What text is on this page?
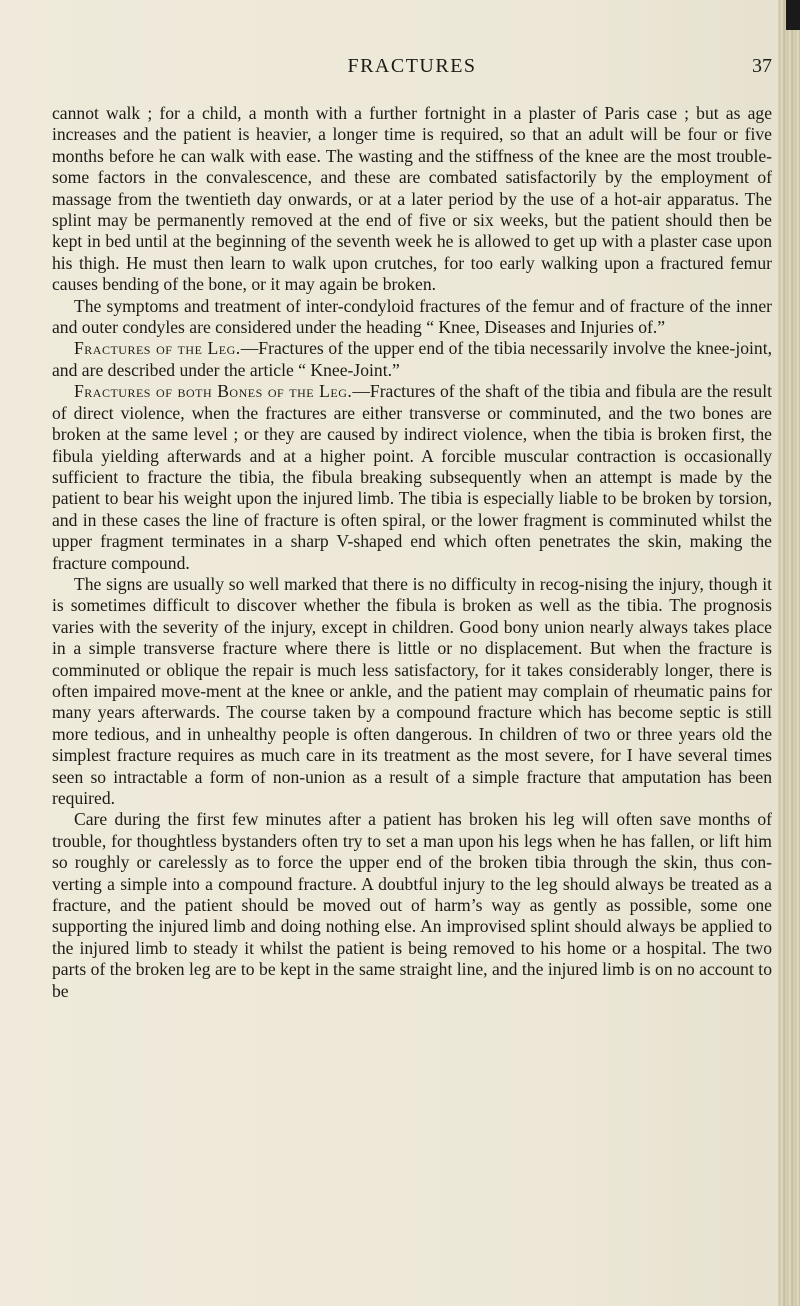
FRACTURES	37

cannot walk ; for a child, a month with a further fortnight in a plaster of Paris case ; but as age increases and the patient is heavier, a longer time is required, so that an adult will be four or five months before he can walk with ease. The wasting and the stiffness of the knee are the most trouble-some factors in the convalescence, and these are combated satisfactorily by the employment of massage from the twentieth day onwards, or at a later period by the use of a hot-air apparatus. The splint may be permanently removed at the end of five or six weeks, but the patient should then be kept in bed until at the beginning of the seventh week he is allowed to get up with a plaster case upon his thigh. He must then learn to walk upon crutches, for too early walking upon a fractured femur causes bending of the bone, or it may again be broken.

The symptoms and treatment of inter-condyloid fractures of the femur and of fracture of the inner and outer condyles are considered under the heading “ Knee, Diseases and Injuries of.”

Fractures of the Leg.—Fractures of the upper end of the tibia necessarily involve the knee-joint, and are described under the article “ Knee-Joint.”

Fractures of both Bones of the Leg.—Fractures of the shaft of the tibia and fibula are the result of direct violence, when the fractures are either transverse or comminuted, and the two bones are broken at the same level ; or they are caused by indirect violence, when the tibia is broken first, the fibula yielding afterwards and at a higher point. A forcible muscular contraction is occasionally sufficient to fracture the tibia, the fibula breaking subsequently when an attempt is made by the patient to bear his weight upon the injured limb. The tibia is especially liable to be broken by torsion, and in these cases the line of fracture is often spiral, or the lower fragment is comminuted whilst the upper fragment terminates in a sharp V-shaped end which often penetrates the skin, making the fracture compound.

The signs are usually so well marked that there is no difficulty in recog-nising the injury, though it is sometimes difficult to discover whether the fibula is broken as well as the tibia. The prognosis varies with the severity of the injury, except in children. Good bony union nearly always takes place in a simple transverse fracture where there is little or no displacement. But when the fracture is comminuted or oblique the repair is much less satisfactory, for it takes considerably longer, there is often impaired move-ment at the knee or ankle, and the patient may complain of rheumatic pains for many years afterwards. The course taken by a compound fracture which has become septic is still more tedious, and in unhealthy people is often dangerous. In children of two or three years old the simplest fracture requires as much care in its treatment as the most severe, for I have several times seen so intractable a form of non-union as a result of a simple fracture that amputation has been required.

Care during the first few minutes after a patient has broken his leg will often save months of trouble, for thoughtless bystanders often try to set a man upon his legs when he has fallen, or lift him so roughly or carelessly as to force the upper end of the broken tibia through the skin, thus con-verting a simple into a compound fracture. A doubtful injury to the leg should always be treated as a fracture, and the patient should be moved out of harm’s way as gently as possible, some one supporting the injured limb and doing nothing else. An improvised splint should always be applied to the injured limb to steady it whilst the patient is being removed to his home or a hospital. The two parts of the broken leg are to be kept in the same straight line, and the injured limb is on no account to be
